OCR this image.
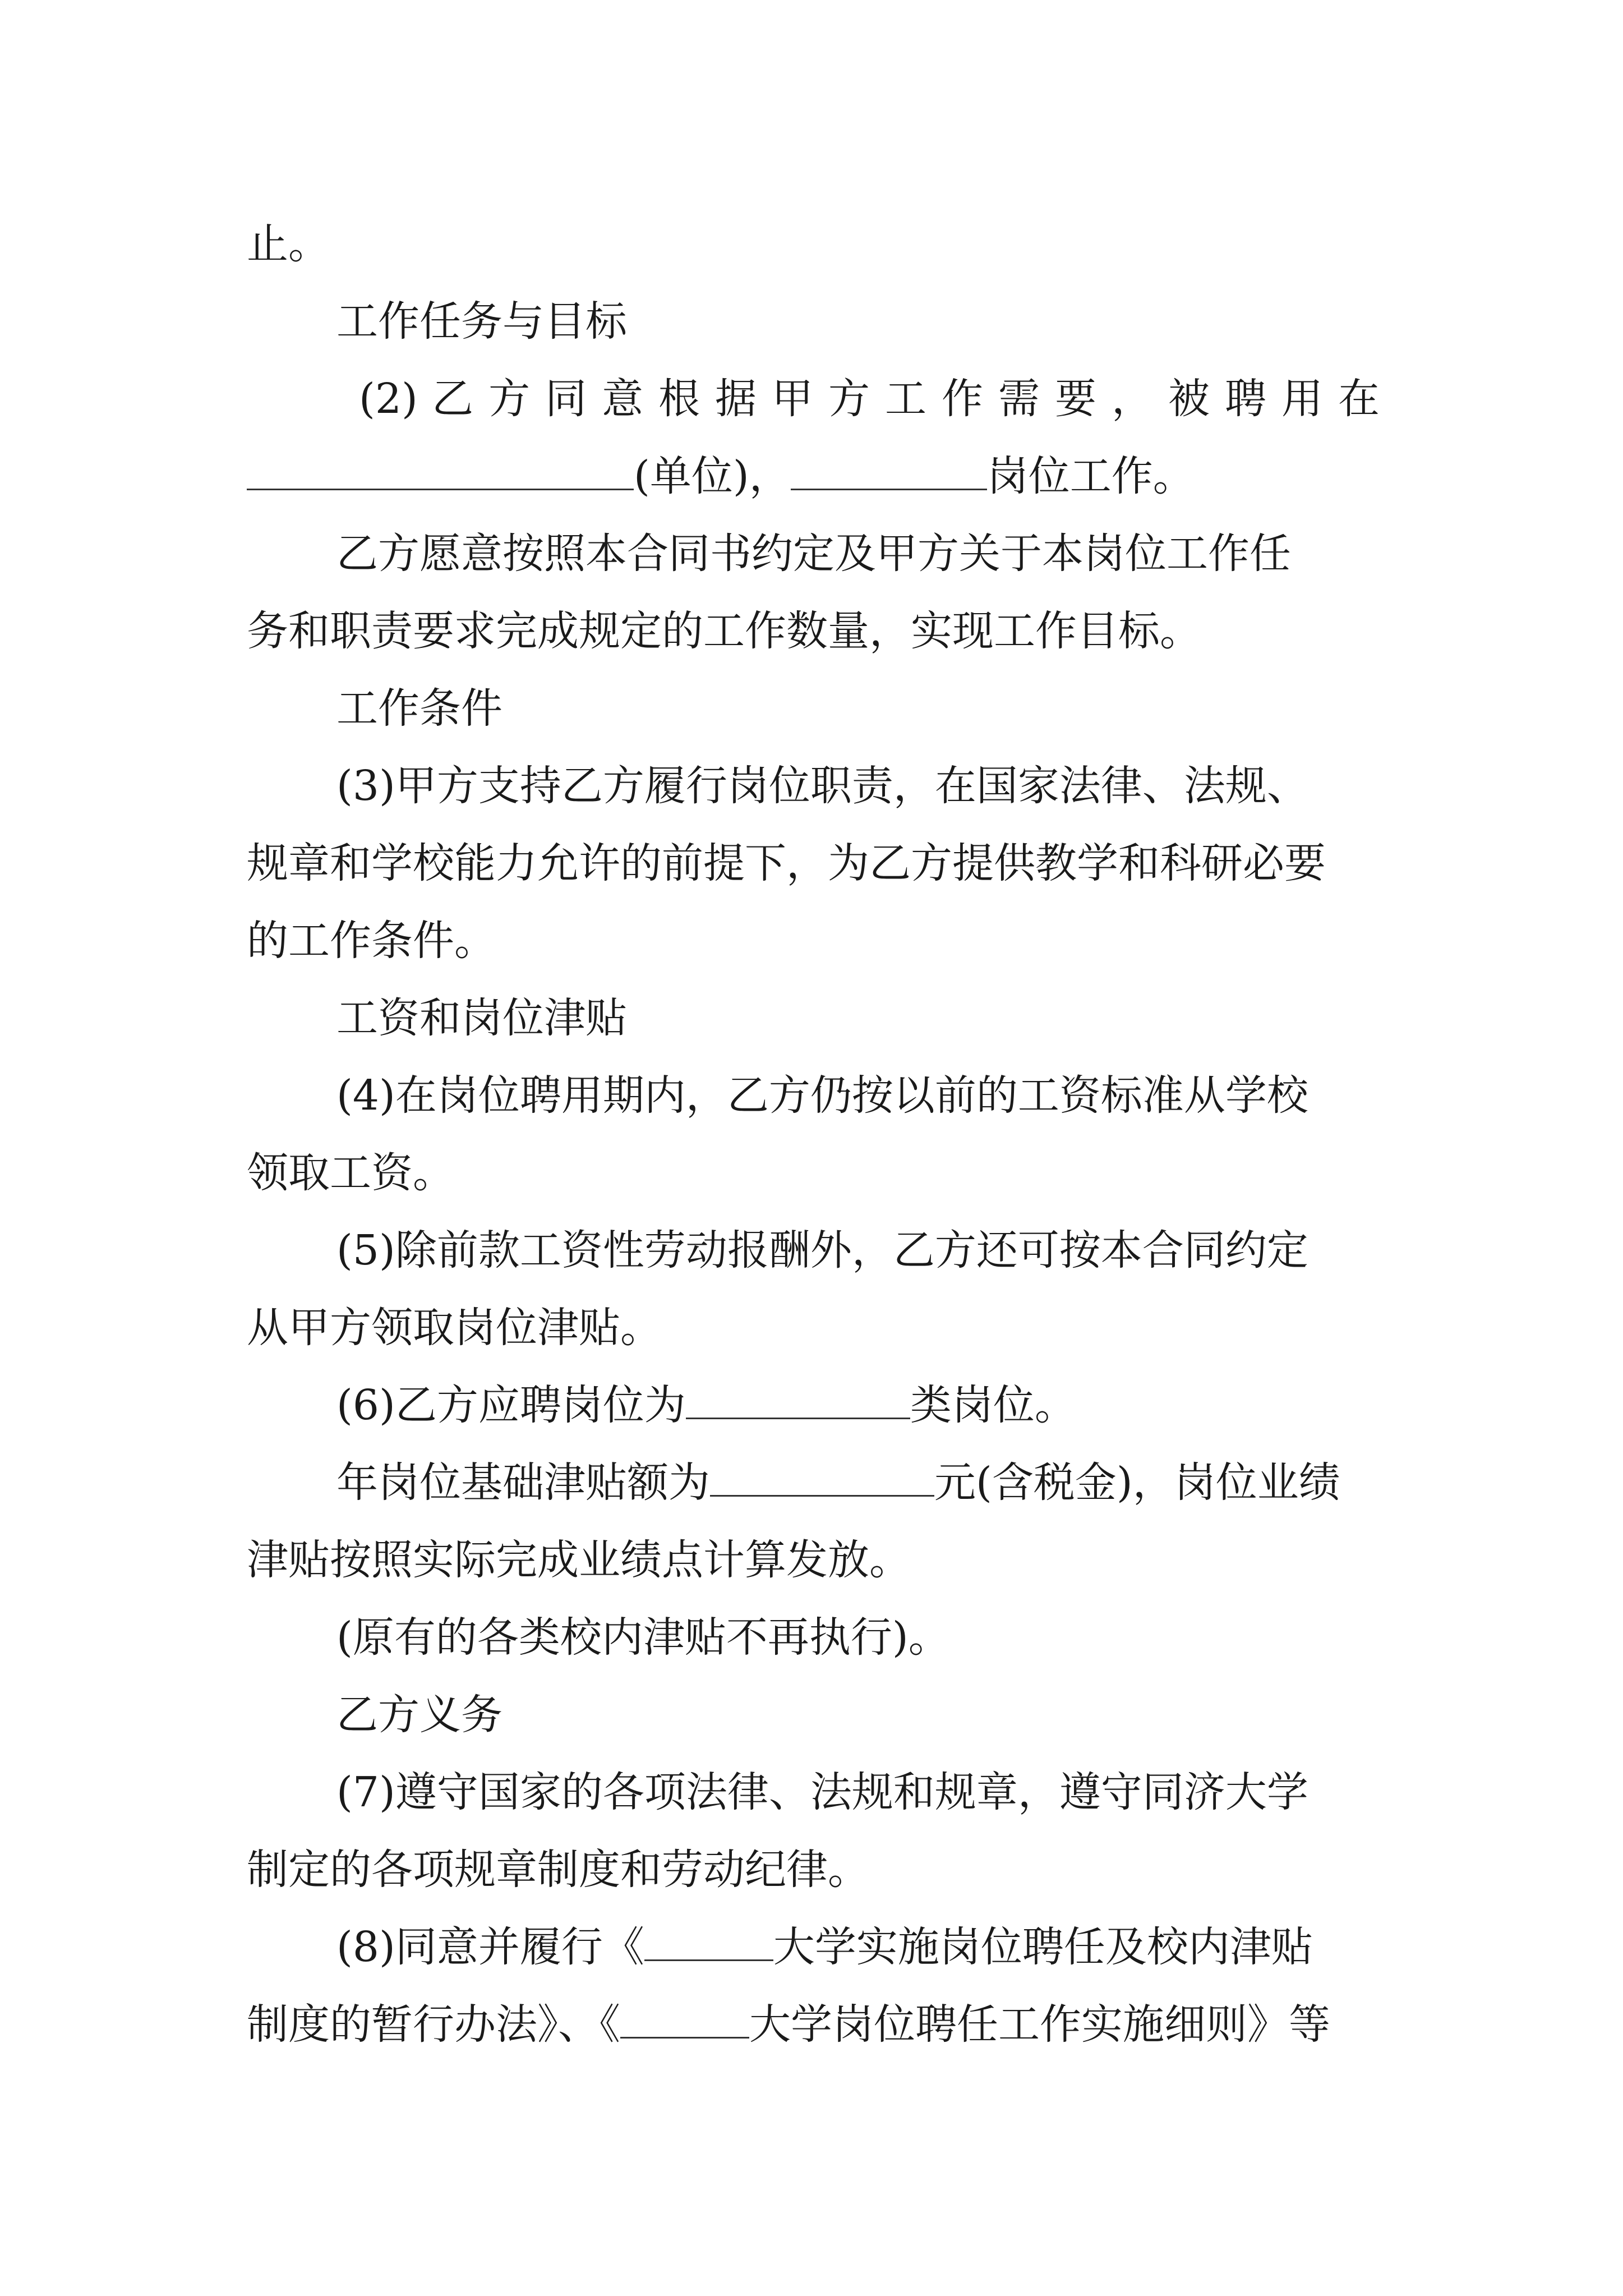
止。
工作任务与目标
(2) 乙 方 同 意 根 据 甲 方 工 作 需 要 ， 被 聘 用 在
(单位)，	岗位工作。
乙方愿意按照本合同书约定及甲方关于本岗位工作任
务和职责要求完成规定的工作数量，实现工作目标。
工作条件
(3)甲方支持乙方履行岗位职责，在国家法律、法规、
规章和学校能力允许的前提下，为乙方提供教学和科研必要
的工作条件。
工资和岗位津贴
(4)在岗位聘用期内，乙方仍按以前的工资标准从学校
领取工资。
(5)除前款工资性劳动报酬外，乙方还可按本合同约定
从甲方领取岗位津贴。
(6)乙方应聘岗位为	类岗位。
年岗位基础津贴额为	元(含税金)，岗位业绩
津贴按照实际完成业绩点计算发放。
(原有的各类校内津贴不再执行)。
乙方义务
(7)遵守国家的各项法律、法规和规章，遵守同济大学
制定的各项规章制度和劳动纪律。
(8)同意并履行《	大学实施岗位聘任及校内津贴
制度的暂行办法》、《	大学岗位聘任工作实施细则》等
